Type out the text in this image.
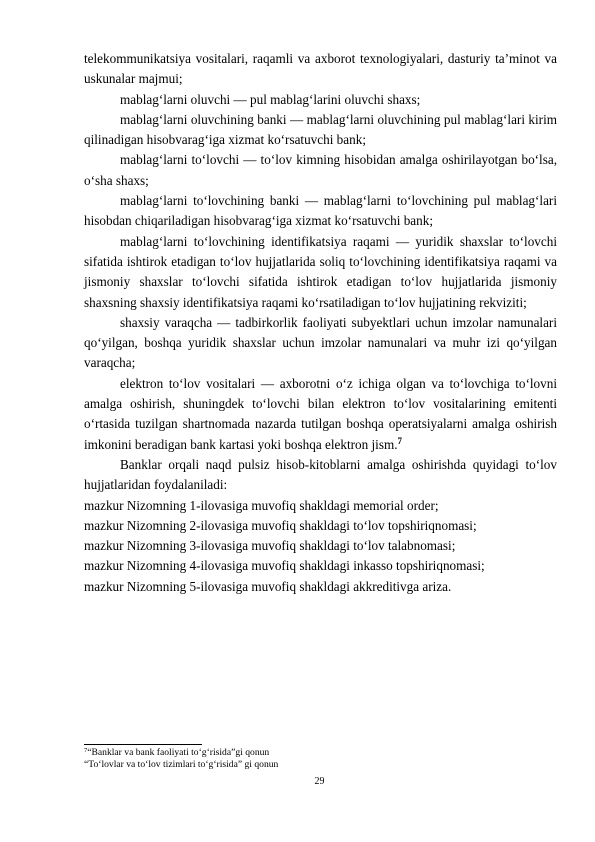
telekommunikatsiya vositalari, raqamli va axborot texnologiyalari, dasturiy ta’minot va uskunalar majmui;

mablag‘larni oluvchi — pul mablag‘larini oluvchi shaxs;

mablag‘larni oluvchining banki — mablag‘larni oluvchining pul mablag‘lari kirim qilinadigan hisobvarag‘iga xizmat ko‘rsatuvchi bank;

mablag‘larni to‘lovchi — to‘lov kimning hisobidan amalga oshirilayotgan bo‘lsa, o‘sha shaxs;

mablag‘larni to‘lovchining banki — mablag‘larni to‘lovchining pul mablag‘lari hisobdan chiqariladigan hisobvarag‘iga xizmat ko‘rsatuvchi bank;

mablag‘larni to‘lovchining identifikatsiya raqami — yuridik shaxslar to‘lovchi sifatida ishtirok etadigan to‘lov hujjatlarida soliq to‘lovchining identifikatsiya raqami va jismoniy shaxslar to‘lovchi sifatida ishtirok etadigan to‘lov hujjatlarida jismoniy shaxsning shaxsiy identifikatsiya raqami ko‘rsatiladigan to‘lov hujjatining rekviziti;

shaxsiy varaqcha — tadbirkorlik faoliyati subyektlari uchun imzolar namunalari qo‘yilgan, boshqa yuridik shaxslar uchun imzolar namunalari va muhr izi qo‘yilgan varaqcha;

elektron to‘lov vositalari — axborotni o‘z ichiga olgan va to‘lovchiga to‘lovni amalga oshirish, shuningdek to‘lovchi bilan elektron to‘lov vositalarining emitenti o‘rtasida tuzilgan shartnomada nazarda tutilgan boshqa operatsiyalarni amalga oshirish imkonini beradigan bank kartasi yoki boshqa elektron jism.$^7$

Banklar orqali naqd pulsiz hisob-kitoblarni amalga oshirishda quyidagi to‘lov hujjatlaridan foydalaniladi:

mazkur Nizomning 1-ilovasiga muvofiq shakldagi memorial order;

mazkur Nizomning 2-ilovasiga muvofiq shakldagi to‘lov topshiriqnomasi;

mazkur Nizomning 3-ilovasiga muvofiq shakldagi to‘lov talabnomasi;

mazkur Nizomning 4-ilovasiga muvofiq shakldagi inkasso topshiriqnomasi;

mazkur Nizomning 5-ilovasiga muvofiq shakldagi akkreditivga ariza.

$^7$“Banklar va bank faoliyati to‘g‘risida”gi qonun
“To‘lovlar va to‘lov tizimlari to‘g‘risida” gi qonun
29
